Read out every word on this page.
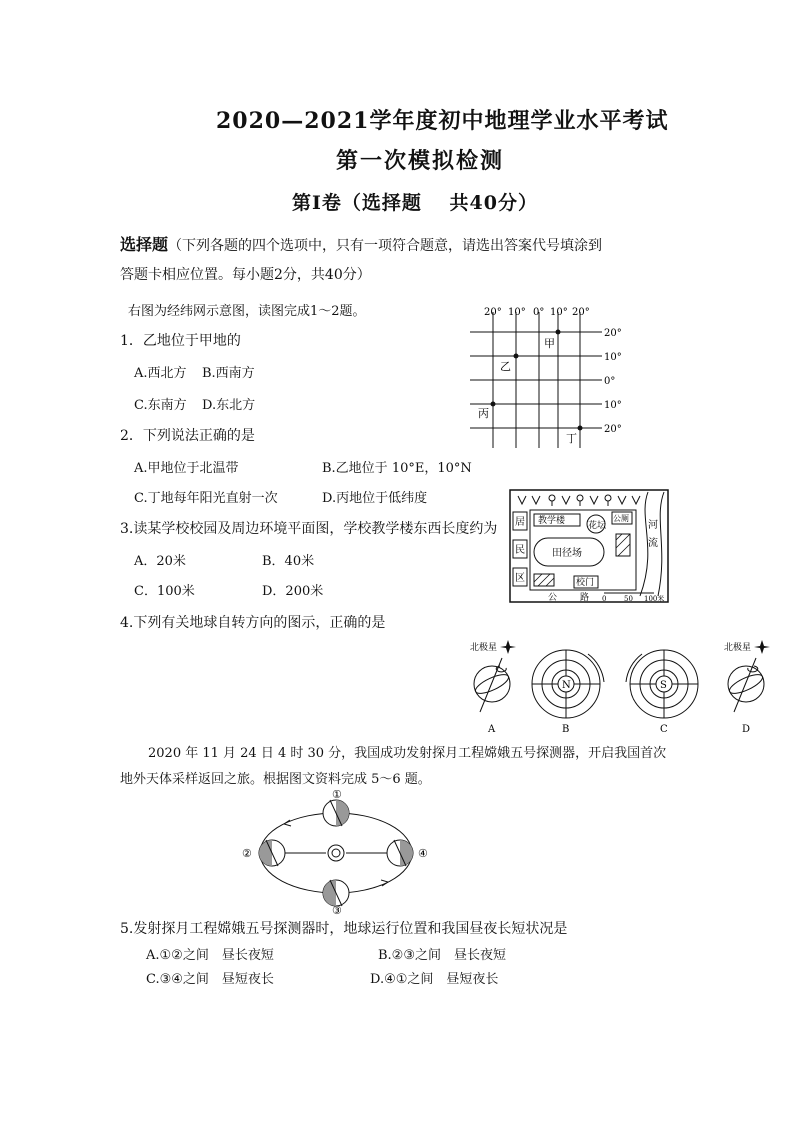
2020—2021学年度初中地理学业水平考试
第一次模拟检测
第Ⅰ卷（选择题　 共40分）
选择题（下列各题的四个选项中，只有一项符合题意，请选出答案代号填涂到
答题卡相应位置。每小题2分，共40分）
右图为经纬网示意图，读图完成1～2题。
1．乙地位于甲地的
A.西北方 B.西南方
C.东南方 D.东北方
2．下列说法正确的是
A.甲地位于北温带	B.乙地位于 10°E，10°N
C.丁地每年阳光直射一次	D.丙地位于低纬度
3.读某学校校园及周边环境平面图，学校教学楼东西长度约为
A．20米	B．40米
C．100米	D．200米
4.下列有关地球自转方向的图示，正确的是
2020 年 11 月 24 日 4 时 30 分，我国成功发射探月工程嫦娥五号探测器，开启我国首次
地外天体采样返回之旅。根据图文资料完成 5～6 题。
5.发射探月工程嫦娥五号探测器时，地球运行位置和我国昼夜长短状况是
A.①②之间　昼长夜短	B.②③之间　昼长夜短
C.③④之间　昼短夜长	D.④①之间　昼短夜长
20° 10° 0° 10° 20°
20°
10°
0°
10°
20°
甲
乙
丙
丁
居
民
区
教学楼	花坛
公厕
田径场
校门
河
流
公	路 0	50 100米
北极星
A
N
B
S
C
北极星
D
①
②
③
④
